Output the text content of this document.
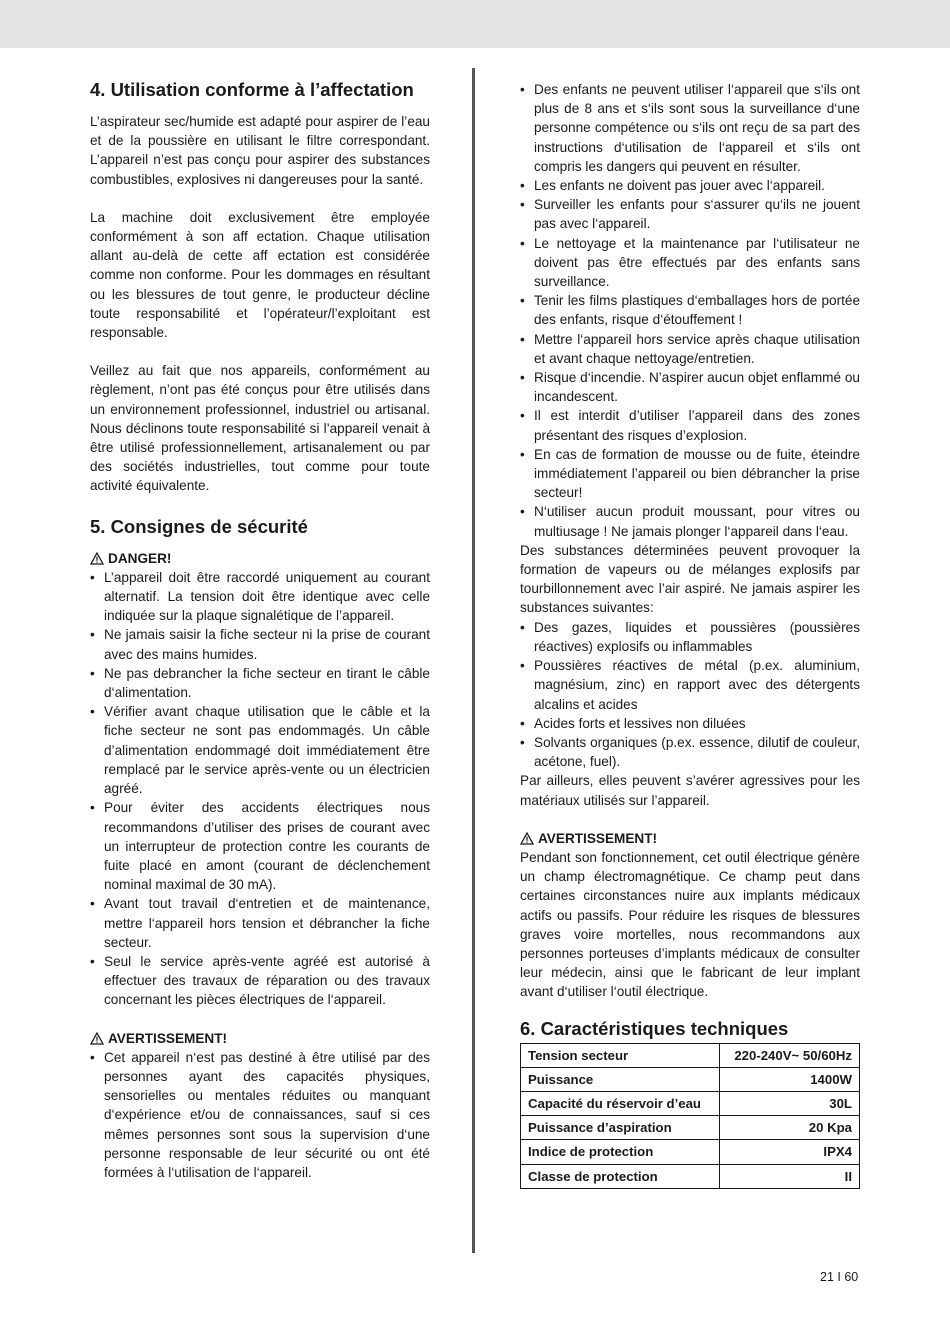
4. Utilisation conforme à l’affectation

L’aspirateur sec/humide est adapté pour aspirer de l’eau et de la poussière en utilisant le filtre correspondant. L’appareil n’est pas conçu pour aspirer des substances combustibles, explosives ni dangereuses pour la santé.

La machine doit exclusivement être employée conformément à son aff ectation. Chaque utilisation allant au-delà de cette aff ectation est considérée comme non conforme. Pour les dommages en résultant ou les blessures de tout genre, le producteur décline toute responsabilité et l’opérateur/l’exploitant est responsable.

Veillez au fait que nos appareils, conformément au règlement, n’ont pas été conçus pour être utilisés dans un environnement professionnel, industriel ou artisanal. Nous déclinons toute responsabilité si l’appareil venait à être utilisé professionnellement, artisanalement ou par des sociétés industrielles, tout comme pour toute activité équivalente.

5. Consignes de sécurité
DANGER!
• L’appareil doit être raccordé uniquement au courant alternatif. La tension doit être identique avec celle indiquée sur la plaque signalétique de l’appareil.
• Ne jamais saisir la fiche secteur ni la prise de courant avec des mains humides.
• Ne pas debrancher la fiche secteur en tirant le câble d‘alimentation.
• Vérifier avant chaque utilisation que le câble et la fiche secteur ne sont pas endommagés. Un câble d’alimentation endommagé doit immédiatement être remplacé par le service après-vente ou un électricien agréé.
• Pour éviter des accidents électriques nous recommandons d’utiliser des prises de courant avec un interrupteur de protection contre les courants de fuite placé en amont (courant de déclenchement nominal maximal de 30 mA).
• Avant tout travail d‘entretien et de maintenance, mettre l‘appareil hors tension et débrancher la fiche secteur.
• Seul le service après-vente agréé est autorisé à effectuer des travaux de réparation ou des travaux concernant les pièces électriques de l‘appareil.
AVERTISSEMENT!
• Cet appareil n‘est pas destiné à être utilisé par des personnes ayant des capacités physiques, sensorielles ou mentales réduites ou manquant d‘expérience et/ou de connaissances, sauf si ces mêmes personnes sont sous la supervision d‘une personne responsable de leur sécurité ou ont été formées à l‘utilisation de l‘appareil.
• Des enfants ne peuvent utiliser l‘appareil que s‘ils ont plus de 8 ans et s‘ils sont sous la surveillance d‘une personne compétence ou s‘ils ont reçu de sa part des instructions d‘utilisation de l‘appareil et s‘ils ont compris les dangers qui peuvent en résulter.
• Les enfants ne doivent pas jouer avec l‘appareil.
• Surveiller les enfants pour s‘assurer qu‘ils ne jouent pas avec l‘appareil.
• Le nettoyage et la maintenance par l‘utilisateur ne doivent pas être effectués par des enfants sans surveillance.
• Tenir les films plastiques d‘emballages hors de portée des enfants, risque d‘étouffement !
• Mettre l‘appareil hors service après chaque utilisation et avant chaque nettoyage/entretien.
• Risque d‘incendie. N’aspirer aucun objet enflammé ou incandescent.
• Il est interdit d’utiliser l’appareil dans des zones présentant des risques d’explosion.
• En cas de formation de mousse ou de fuite, éteindre immédiatement l’appareil ou bien débrancher la prise secteur!
• N‘utiliser aucun produit moussant, pour vitres ou multiusage ! Ne jamais plonger l‘appareil dans l‘eau.

Des substances déterminées peuvent provoquer la formation de vapeurs ou de mélanges explosifs par tourbillonnement avec l’air aspiré. Ne jamais aspirer les substances suivantes:

• Des gazes, liquides et poussières (poussières réactives) explosifs ou inflammables
• Poussières réactives de métal (p.ex. aluminium, magnésium, zinc) en rapport avec des détergents alcalins et acides
• Acides forts et lessives non diluées
• Solvants organiques (p.ex. essence, dilutif de couleur, acétone, fuel).

Par ailleurs, elles peuvent s’avérer agressives pour les matériaux utilisés sur l’appareil.

AVERTISSEMENT!

Pendant son fonctionnement, cet outil électrique génère un champ électromagnétique. Ce champ peut dans certaines circonstances nuire aux implants médicaux actifs ou passifs. Pour réduire les risques de blessures graves voire mortelles, nous recommandons aux personnes porteuses d’implants médicaux de consulter leur médecin, ainsi que le fabricant de leur implant avant d‘utiliser l‘outil électrique.

6. Caractéristiques techniques
Tension secteur	220-240V~ 50/60Hz
Puissance	1400W
Capacité du réservoir d’eau	30L
Puissance d’aspiration	20 Kpa
Indice de protection	IPX4
Classe de protection	II
21 I 60
